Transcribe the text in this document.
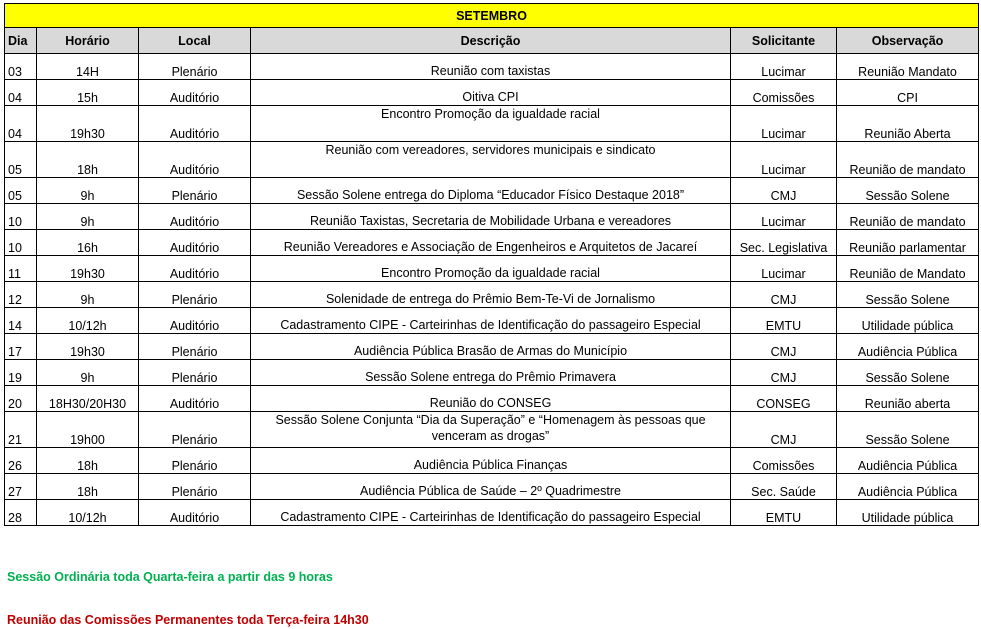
SETEMBRO					
Dia	Horário	Local	Descrição	Solicitante	Observação
03	14H	Plenário	Reunião com taxistas	Lucimar	Reunião Mandato
04	15h	Auditório	Oitiva CPI	Comissões	CPI
04	19h30	Auditório	Encontro Promoção da igualdade racial	Lucimar	Reunião Aberta
05	18h	Auditório	Reunião com vereadores, servidores municipais e sindicato	Lucimar	Reunião de mandato
05	9h	Plenário	Sessão Solene entrega do Diploma “Educador Físico Destaque 2018”	CMJ	Sessão Solene
10	9h	Auditório	Reunião Taxistas, Secretaria de Mobilidade Urbana e vereadores	Lucimar	Reunião de mandato
10	16h	Auditório	Reunião Vereadores e Associação de Engenheiros e Arquitetos de Jacareí	Sec. Legislativa	Reunião parlamentar
11	19h30	Auditório	Encontro Promoção da igualdade racial	Lucimar	Reunião de Mandato
12	9h	Plenário	Solenidade de entrega do Prêmio Bem-Te-Vi de Jornalismo	CMJ	Sessão Solene
14	10/12h	Auditório	Cadastramento CIPE - Carteirinhas de Identificação do passageiro Especial	EMTU	Utilidade pública
17	19h30	Plenário	Audiência Pública Brasão de Armas do Município	CMJ	Audiência Pública
19	9h	Plenário	Sessão Solene entrega do Prêmio Primavera	CMJ	Sessão Solene
20	18H30/20H30	Auditório	Reunião do CONSEG	CONSEG	Reunião aberta
21	19h00	Plenário	Sessão Solene Conjunta “Dia da Superação” e “Homenagem às pessoas que
venceram as drogas”	CMJ	Sessão Solene
26	18h	Plenário	Audiência Pública Finanças	Comissões	Audiência Pública
27	18h	Plenário	Audiência Pública de Saúde – 2º Quadrimestre	Sec. Saúde	Audiência Pública
28	10/12h	Auditório	Cadastramento CIPE - Carteirinhas de Identificação do passageiro Especial	EMTU	Utilidade pública
Sessão Ordinária toda Quarta-feira a partir das 9 horas
Reunião das Comissões Permanentes toda Terça-feira 14h30
